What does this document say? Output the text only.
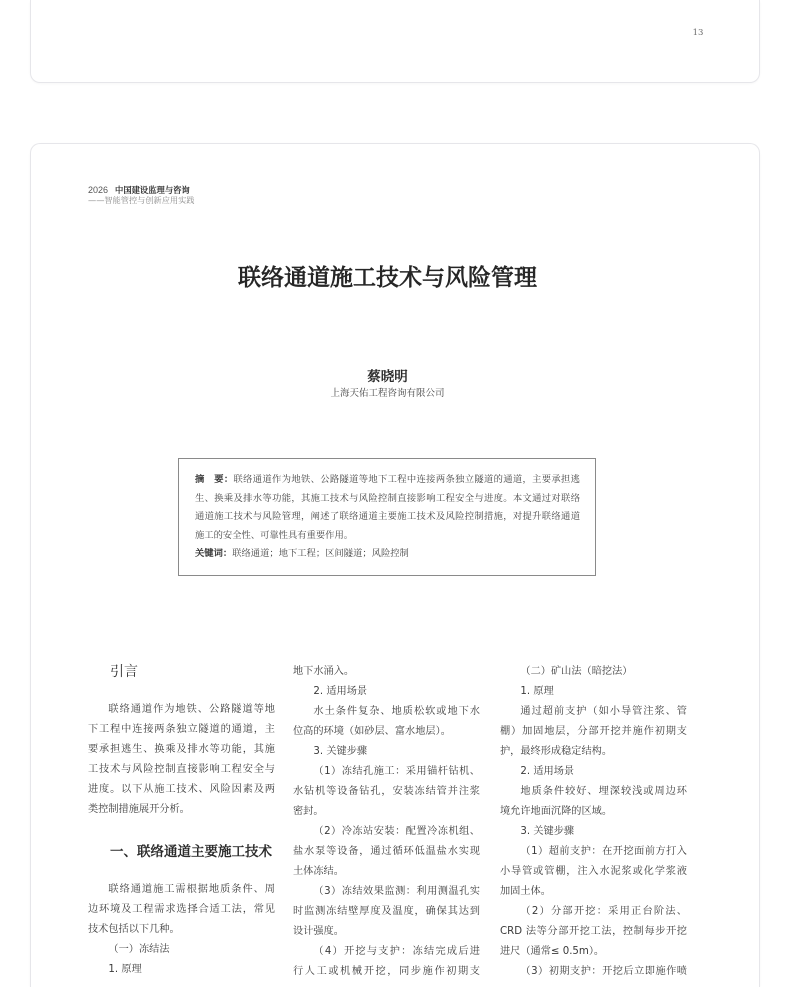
13
2026 中国建设监理与咨询
——智能管控与创新应用实践
联络通道施工技术与风险管理
蔡晓明
上海天佑工程咨询有限公司
摘　要：联络通道作为地铁、公路隧道等地下工程中连接两条独立隧道的通道，主要承担逃
生、换乘及排水等功能，其施工技术与风险控制直接影响工程安全与进度。本文通过对联络
通道施工技术与风险管理，阐述了联络通道主要施工技术及风险控制措施，对提升联络通道
施工的安全性、可靠性具有重要作用。
关键词：联络通道；地下工程；区间隧道；风险控制
引言
联络通道作为地铁、公路隧道等地
下工程中连接两条独立隧道的通道，主
要承担逃生、换乘及排水等功能，其施
工技术与风险控制直接影响工程安全与
进度。以下从施工技术、风险因素及两
类控制措施展开分析。
一、联络通道主要施工技术
联络通道施工需根据地质条件、周
边环境及工程需求选择合适工法，常见
技术包括以下几种。
（一）冻结法
1. 原理
地下水涌入。
2. 适用场景
水土条件复杂、地质松软或地下水
位高的环境（如砂层、富水地层）。
3. 关键步骤
（1）冻结孔施工：采用锚杆钻机、
水钻机等设备钻孔，安装冻结管并注浆
密封。
（2）冷冻站安装：配置冷冻机组、
盐水泵等设备，通过循环低温盐水实现
土体冻结。
（3）冻结效果监测：利用测温孔实
时监测冻结壁厚度及温度，确保其达到
设计强度。
（4）开挖与支护：冻结完成后进
行人工或机械开挖，同步施作初期支
（二）矿山法（暗挖法）
1. 原理
通过超前支护（如小导管注浆、管
棚）加固地层，分部开挖并施作初期支
护，最终形成稳定结构。
2. 适用场景
地质条件较好、埋深较浅或周边环
境允许地面沉降的区域。
3. 关键步骤
（1）超前支护：在开挖面前方打入
小导管或管棚，注入水泥浆或化学浆液
加固土体。
（2）分部开挖：采用正台阶法、
CRD 法等分部开挖工法，控制每步开挖
进尺（通常≤ 0.5m）。
（3）初期支护：开挖后立即施作喷
